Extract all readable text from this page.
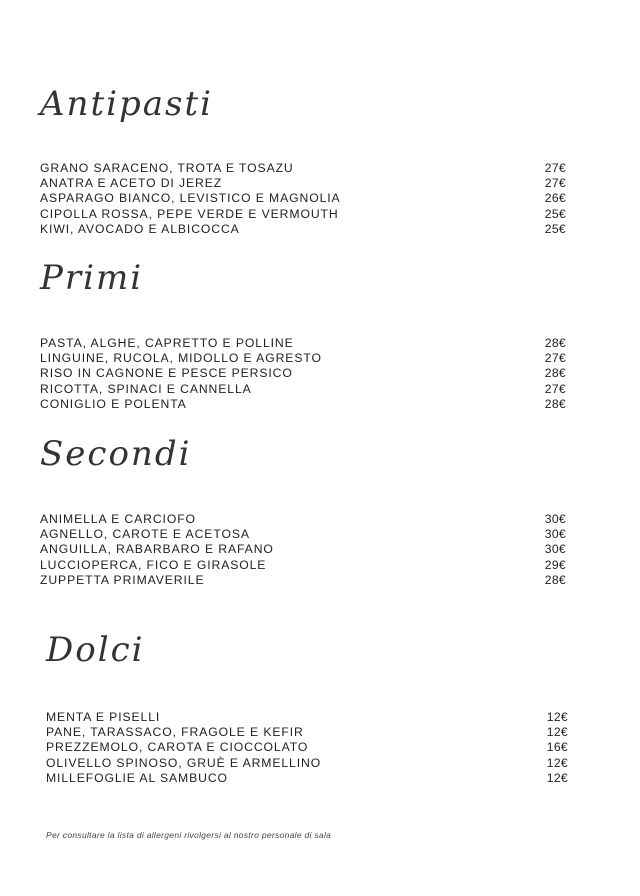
Antipasti
GRANO SARACENO, TROTA E TOSAZU	27€
ANATRA E ACETO DI JEREZ	27€
ASPARAGO BIANCO, LEVISTICO E MAGNOLIA	26€
CIPOLLA ROSSA, PEPE VERDE E VERMOUTH	25€
KIWI, AVOCADO E ALBICOCCA	25€
Primi
PASTA, ALGHE, CAPRETTO E POLLINE	28€
LINGUINE, RUCOLA, MIDOLLO E AGRESTO	27€
RISO IN CAGNONE E PESCE PERSICO	28€
RICOTTA, SPINACI E CANNELLA	27€
CONIGLIO E POLENTA	28€
Secondi
ANIMELLA E CARCIOFO	30€
AGNELLO, CAROTE E ACETOSA	30€
ANGUILLA, RABARBARO E RAFANO	30€
LUCCIOPERCA, FICO E GIRASOLE	29€
ZUPPETTA PRIMAVERILE	28€
Dolci
MENTA E PISELLI	12€
PANE, TARASSACO, FRAGOLE E KEFIR	12€
PREZZEMOLO, CAROTA E CIOCCOLATO	16€
OLIVELLO SPINOSO, GRUÈ E ARMELLINO	12€
MILLEFOGLIE AL SAMBUCO	12€
Per consultare la lista di allergeni rivolgersi al nostro personale di sala
